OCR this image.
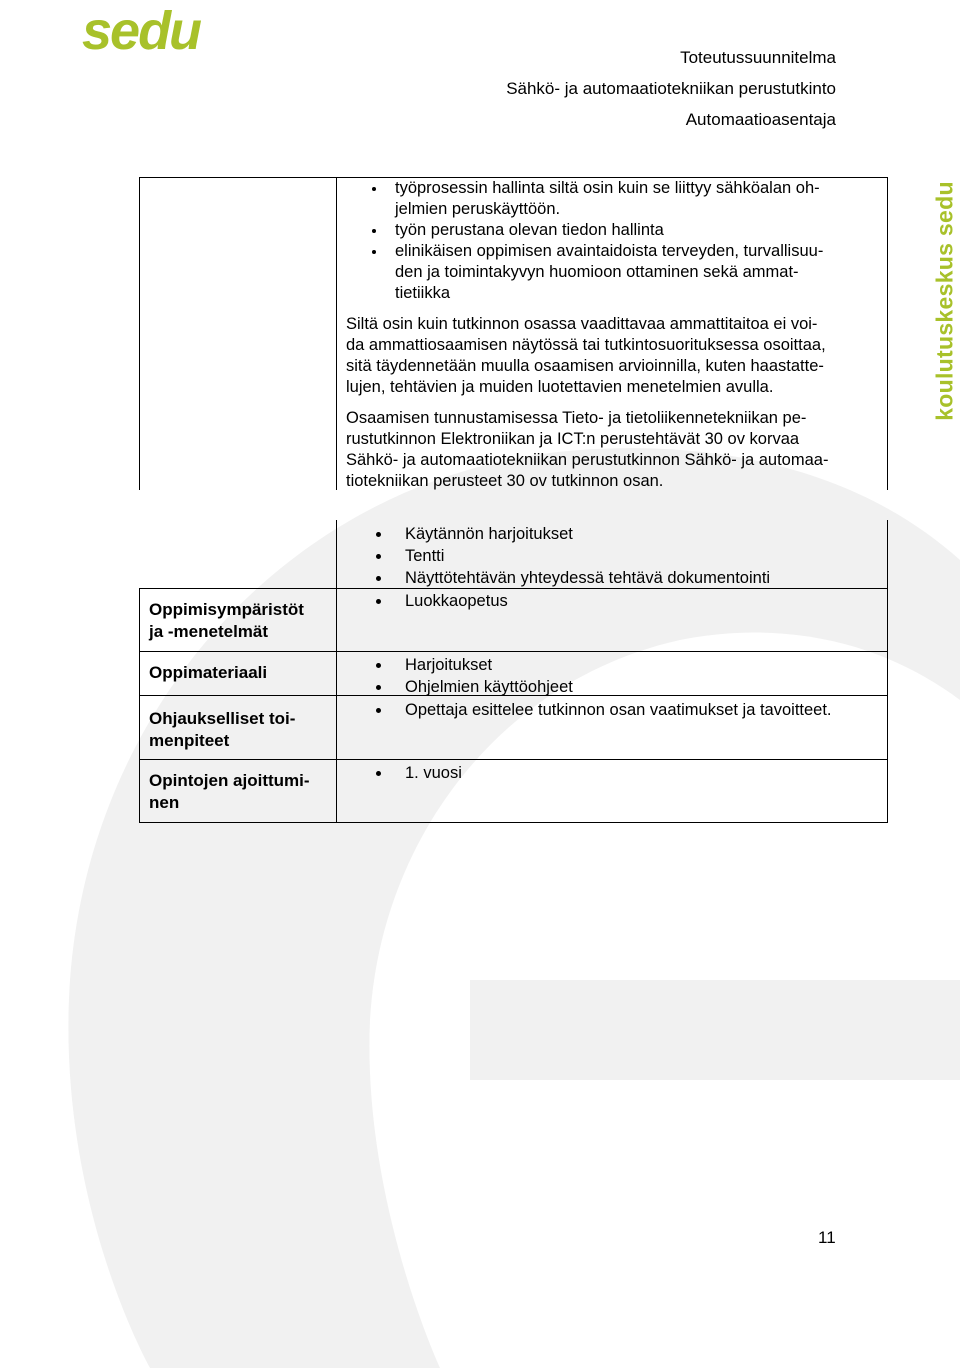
sedu
koulutuskeskus sedu
Toteutussuunnitelma
Sähkö- ja automaatiotekniikan perustutkinto
Automaatioasentaja
työprosessin hallinta siltä osin kuin se liittyy sähköalan oh-
jelmien peruskäyttöön.
työn perustana olevan tiedon hallinta
elinikäisen oppimisen avaintaidoista terveyden, turvallisuu-
den ja toimintakyvyn huomioon ottaminen sekä ammat-
tietiikka
Siltä osin kuin tutkinnon osassa vaadittavaa ammattitaitoa ei voi-
da ammattiosaamisen näytössä tai tutkintosuorituksessa osoittaa,
sitä täydennetään muulla osaamisen arvioinnilla, kuten haastatte-
lujen, tehtävien ja muiden luotettavien menetelmien avulla.
Osaamisen tunnustamisessa Tieto- ja tietoliikennetekniikan pe-
rustutkinnon Elektroniikan ja ICT:n perustehtävät 30 ov korvaa
Sähkö- ja automaatiotekniikan perustutkinnon Sähkö- ja automaa-
tiotekniikan perusteet 30 ov tutkinnon osan.
Oppimisympäristöt
ja -menetelmät
Oppimateriaali
Ohjaukselliset toi-
menpiteet
Opintojen ajoittumi-
nen
Käytännön harjoitukset
Tentti
Näyttötehtävän yhteydessä tehtävä dokumentointi
Luokkaopetus
Harjoitukset
Ohjelmien käyttöohjeet
Opettaja esittelee tutkinnon osan vaatimukset ja tavoitteet.
1. vuosi
11
